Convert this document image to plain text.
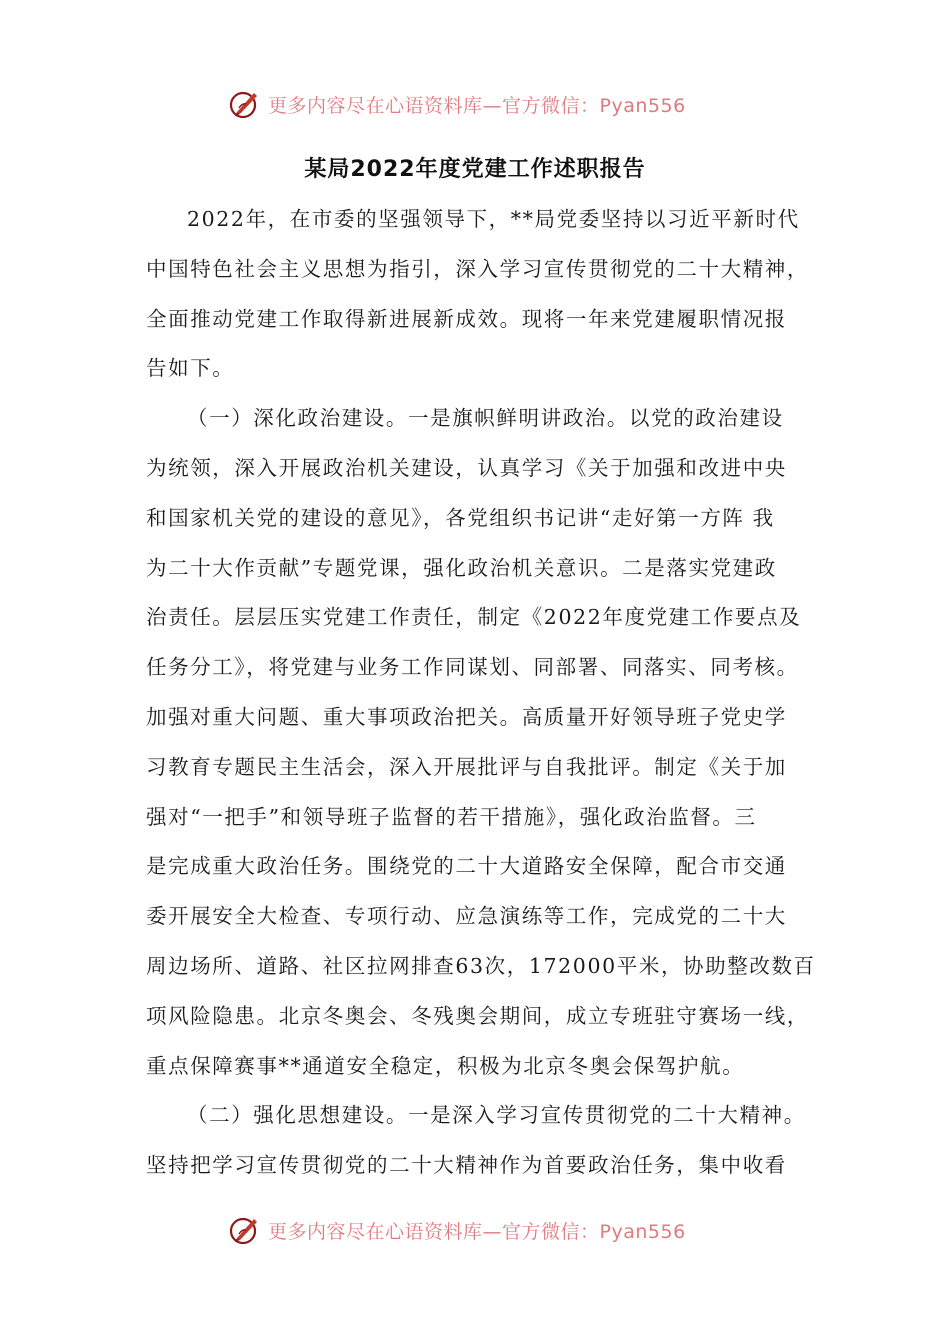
更多内容尽在心语资料库—官方微信：Pyan556
某局2022年度党建工作述职报告
2022年，在市委的坚强领导下，**局党委坚持以习近平新时代
中国特色社会主义思想为指引，深入学习宣传贯彻党的二十大精神，
全面推动党建工作取得新进展新成效。现将一年来党建履职情况报
告如下。
（一）深化政治建设。一是旗帜鲜明讲政治。以党的政治建设
为统领，深入开展政治机关建设，认真学习《关于加强和改进中央
和国家机关党的建设的意见》，各党组织书记讲“走好第一方阵 我
为二十大作贡献”专题党课，强化政治机关意识。二是落实党建政
治责任。层层压实党建工作责任，制定《2022年度党建工作要点及
任务分工》，将党建与业务工作同谋划、同部署、同落实、同考核。
加强对重大问题、重大事项政治把关。高质量开好领导班子党史学
习教育专题民主生活会，深入开展批评与自我批评。制定《关于加
强对“一把手”和领导班子监督的若干措施》，强化政治监督。三
是完成重大政治任务。围绕党的二十大道路安全保障，配合市交通
委开展安全大检查、专项行动、应急演练等工作，完成党的二十大
周边场所、道路、社区拉网排查63次，172000平米，协助整改数百
项风险隐患。北京冬奥会、冬残奥会期间，成立专班驻守赛场一线，
重点保障赛事**通道安全稳定，积极为北京冬奥会保驾护航。
（二）强化思想建设。一是深入学习宣传贯彻党的二十大精神。
坚持把学习宣传贯彻党的二十大精神作为首要政治任务，集中收看
更多内容尽在心语资料库—官方微信：Pyan556
